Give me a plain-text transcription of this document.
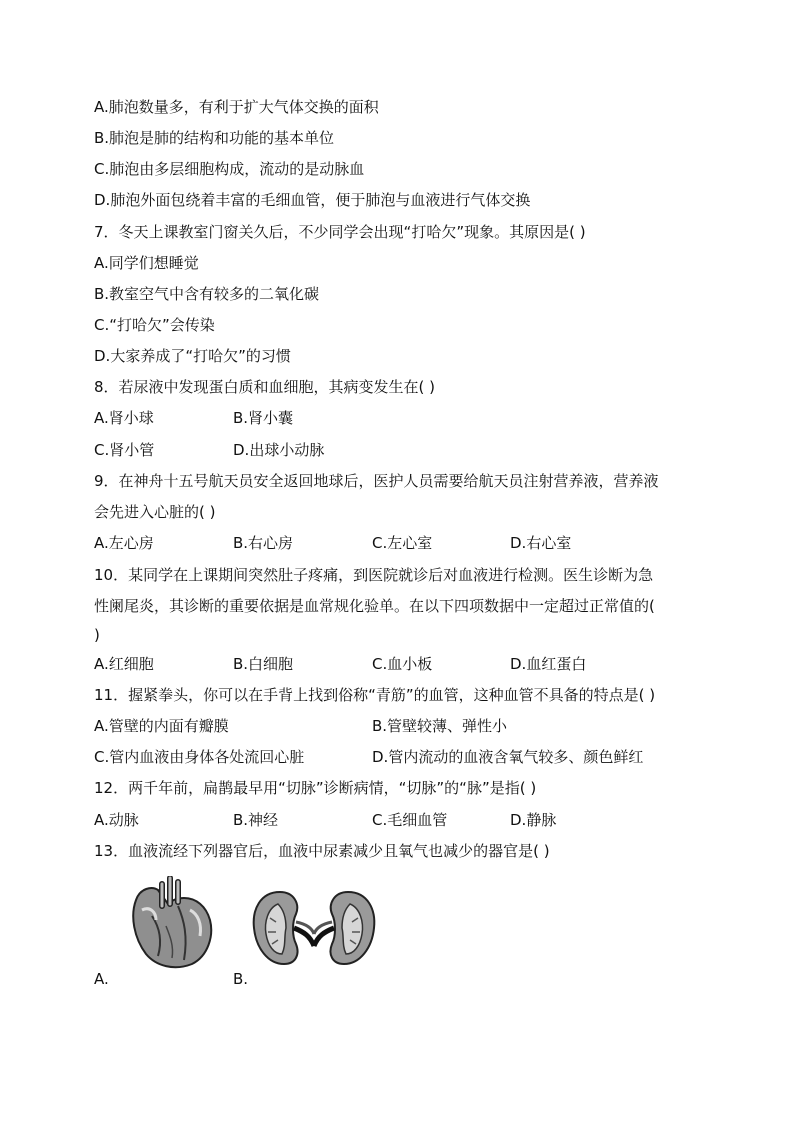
A.肺泡数量多，有利于扩大气体交换的面积
B.肺泡是肺的结构和功能的基本单位
C.肺泡由多层细胞构成，流动的是动脉血
D.肺泡外面包绕着丰富的毛细血管，便于肺泡与血液进行气体交换
7．冬天上课教室门窗关久后，不少同学会出现“打哈欠”现象。其原因是( )
A.同学们想睡觉
B.教室空气中含有较多的二氧化碳
C.“打哈欠”会传染
D.大家养成了“打哈欠”的习惯
8．若尿液中发现蛋白质和血细胞，其病变发生在( )
A.肾小球	B.肾小囊
C.肾小管	D.出球小动脉
9．在神舟十五号航天员安全返回地球后，医护人员需要给航天员注射营养液，营养液
会先进入心脏的( )
A.左心房	B.右心房	C.左心室	D.右心室
10．某同学在上课期间突然肚子疼痛，到医院就诊后对血液进行检测。医生诊断为急
性阑尾炎，其诊断的重要依据是血常规化验单。在以下四项数据中一定超过正常值的(
)
A.红细胞	B.白细胞	C.血小板	D.血红蛋白
11．握紧拳头，你可以在手背上找到俗称“青筋”的血管，这种血管不具备的特点是( )
A.管壁的内面有瓣膜	B.管壁较薄、弹性小
C.管内血液由身体各处流回心脏	D.管内流动的血液含氧气较多、颜色鲜红
12．两千年前，扁鹊最早用“切脉”诊断病情，“切脉”的“脉”是指( )
A.动脉	B.神经	C.毛细血管	D.静脉
13．血液流经下列器官后，血液中尿素减少且氧气也减少的器官是( )
A.	B.
